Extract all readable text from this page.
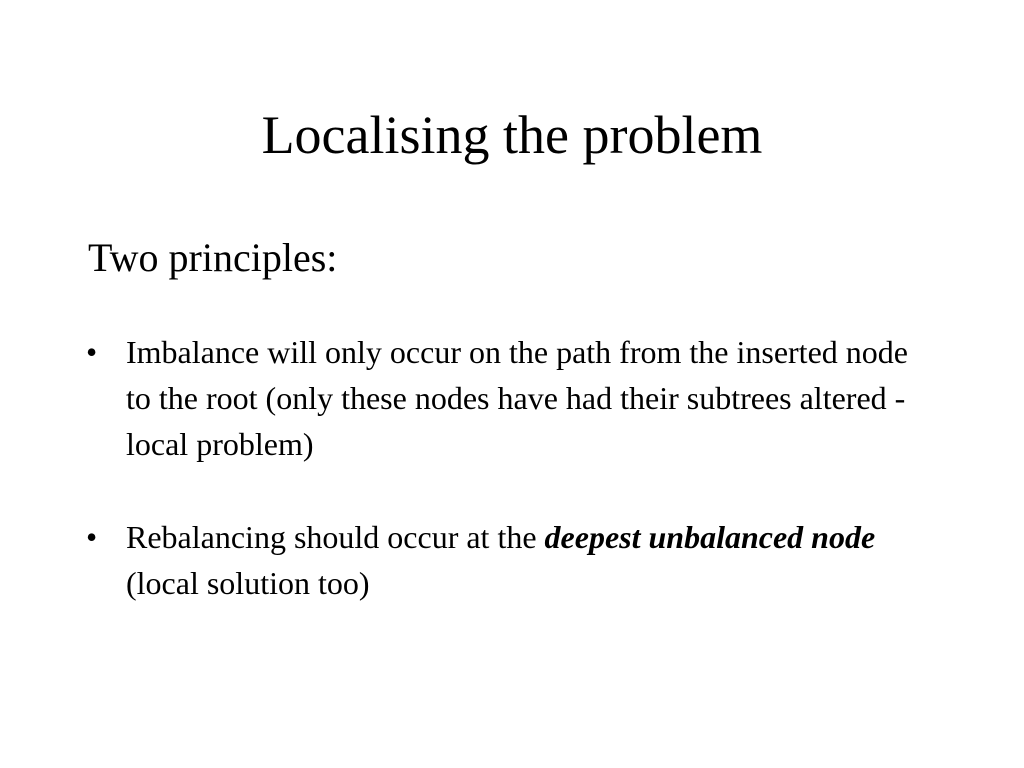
Localising the problem

Two principles:

• Imbalance will only occur on the path from the inserted node to the root (only these nodes have had their subtrees altered - local problem)
• Rebalancing should occur at the deepest unbalanced node (local solution too)
